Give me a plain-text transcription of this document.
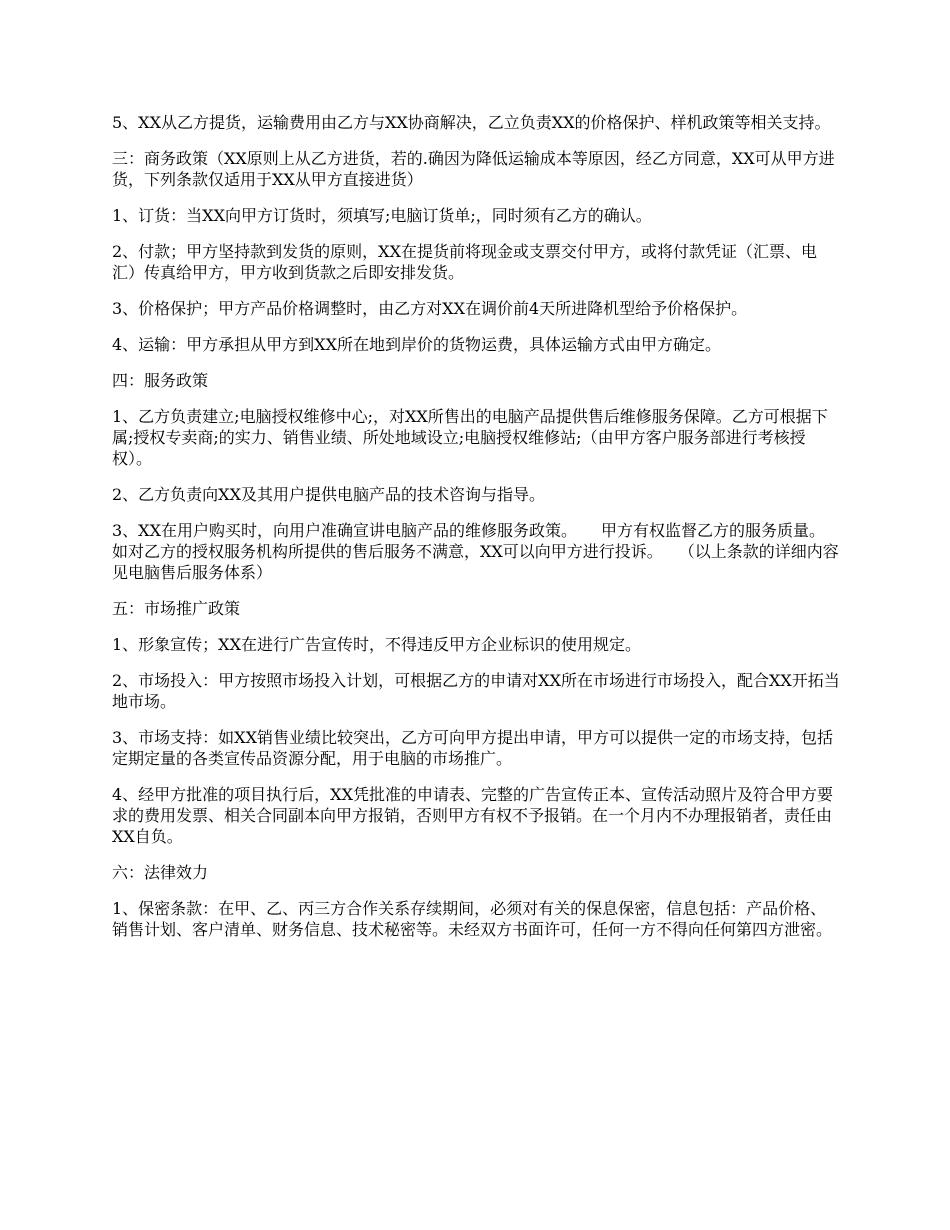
5、XX从乙方提货，运输费用由乙方与XX协商解决，乙立负责XX的价格保护、样机政策等相关支持。

三：商务政策（XX原则上从乙方进货，若的.确因为降低运输成本等原因，经乙方同意，XX可从甲方进货，下列条款仅适用于XX从甲方直接进货）

1、订货：当XX向甲方订货时，须填写;电脑订货单;，同时须有乙方的确认。

2、付款；甲方坚持款到发货的原则，XX在提货前将现金或支票交付甲方，或将付款凭证（汇票、电汇）传真给甲方，甲方收到货款之后即安排发货。

3、价格保护；甲方产品价格调整时，由乙方对XX在调价前4天所进降机型给予价格保护。

4、运输：甲方承担从甲方到XX所在地到岸价的货物运费，具体运输方式由甲方确定。

四：服务政策

1、乙方负责建立;电脑授权维修中心;，对XX所售出的电脑产品提供售后维修服务保障。乙方可根据下属;授权专卖商;的实力、销售业绩、所处地域设立;电脑授权维修站;（由甲方客户服务部进行考核授权）。

2、乙方负责向XX及其用户提供电脑产品的技术咨询与指导。

3、XX在用户购买时，向用户准确宣讲电脑产品的维修服务政策。　　甲方有权监督乙方的服务质量。如对乙方的授权服务机构所提供的售后服务不满意，XX可以向甲方进行投诉。　　（以上条款的详细内容见电脑售后服务体系）

五：市场推广政策

1、形象宣传；XX在进行广告宣传时，不得违反甲方企业标识的使用规定。

2、市场投入：甲方按照市场投入计划，可根据乙方的申请对XX所在市场进行市场投入，配合XX开拓当地市场。

3、市场支持：如XX销售业绩比较突出，乙方可向甲方提出申请，甲方可以提供一定的市场支持，包括定期定量的各类宣传品资源分配，用于电脑的市场推广。

4、经甲方批准的项目执行后，XX凭批准的申请表、完整的广告宣传正本、宣传活动照片及符合甲方要求的费用发票、相关合同副本向甲方报销，否则甲方有权不予报销。在一个月内不办理报销者，责任由XX自负。

六：法律效力

1、保密条款：在甲、乙、丙三方合作关系存续期间，必须对有关的保息保密，信息包括：产品价格、销售计划、客户清单、财务信息、技术秘密等。未经双方书面许可，任何一方不得向任何第四方泄密。
